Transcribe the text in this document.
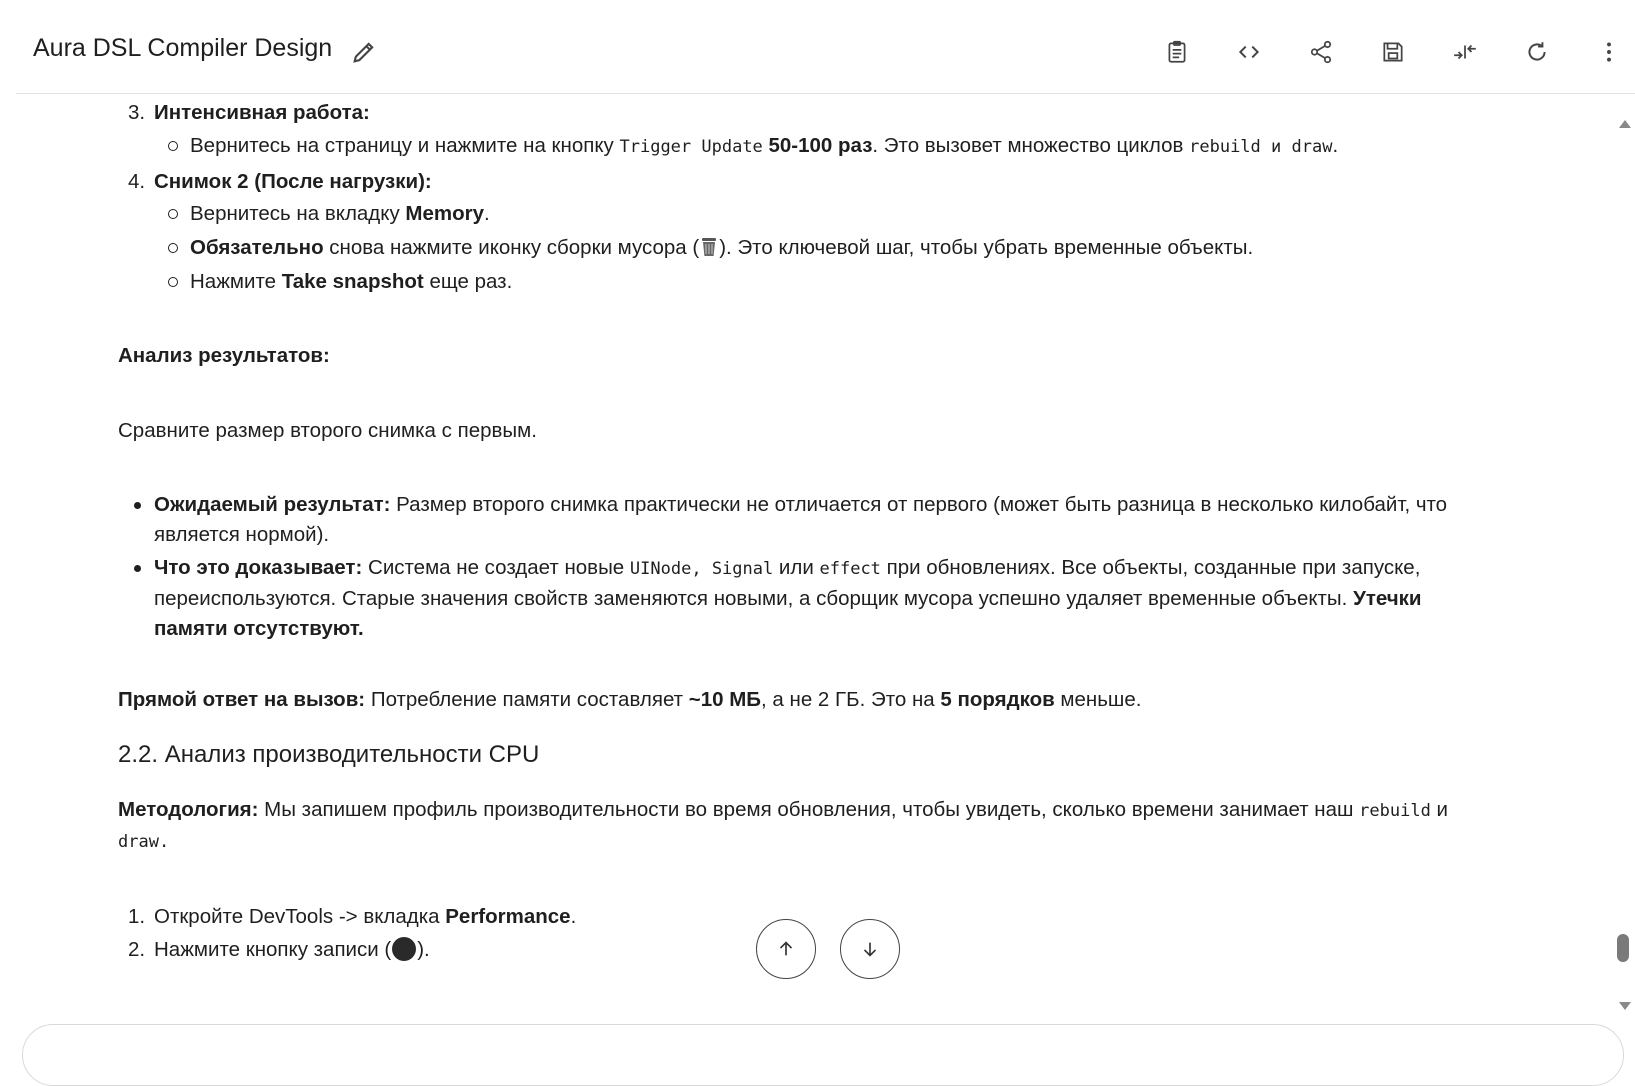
Aura DSL Compiler Design
3. Интенсивная работа:
Вернитесь на страницу и нажмите на кнопку Trigger Update 50-100 раз. Это вызовет множество циклов rebuild и draw.
4. Снимок 2 (После нагрузки):
Вернитесь на вкладку Memory.
Обязательно снова нажмите иконку сборки мусора ( ). Это ключевой шаг, чтобы убрать временные объекты.
Нажмите Take snapshot еще раз.
Анализ результатов:
Сравните размер второго снимка с первым.
Ожидаемый результат: Размер второго снимка практически не отличается от первого (может быть разница в несколько килобайт, что
является нормой).
Что это доказывает: Система не создает новые UINode, Signal или effect при обновлениях. Все объекты, созданные при запуске,
переиспользуются. Старые значения свойств заменяются новыми, а сборщик мусора успешно удаляет временные объекты. Утечки
памяти отсутствуют.
Прямой ответ на вызов: Потребление памяти составляет ~10 МБ, а не 2 ГБ. Это на 5 порядков меньше.
2.2. Анализ производительности CPU
Методология: Мы запишем профиль производительности во время обновления, чтобы увидеть, сколько времени занимает наш rebuild и
draw.
1. Откройте DevTools -> вкладка Performance.
2. Нажмите кнопку записи ( ).
